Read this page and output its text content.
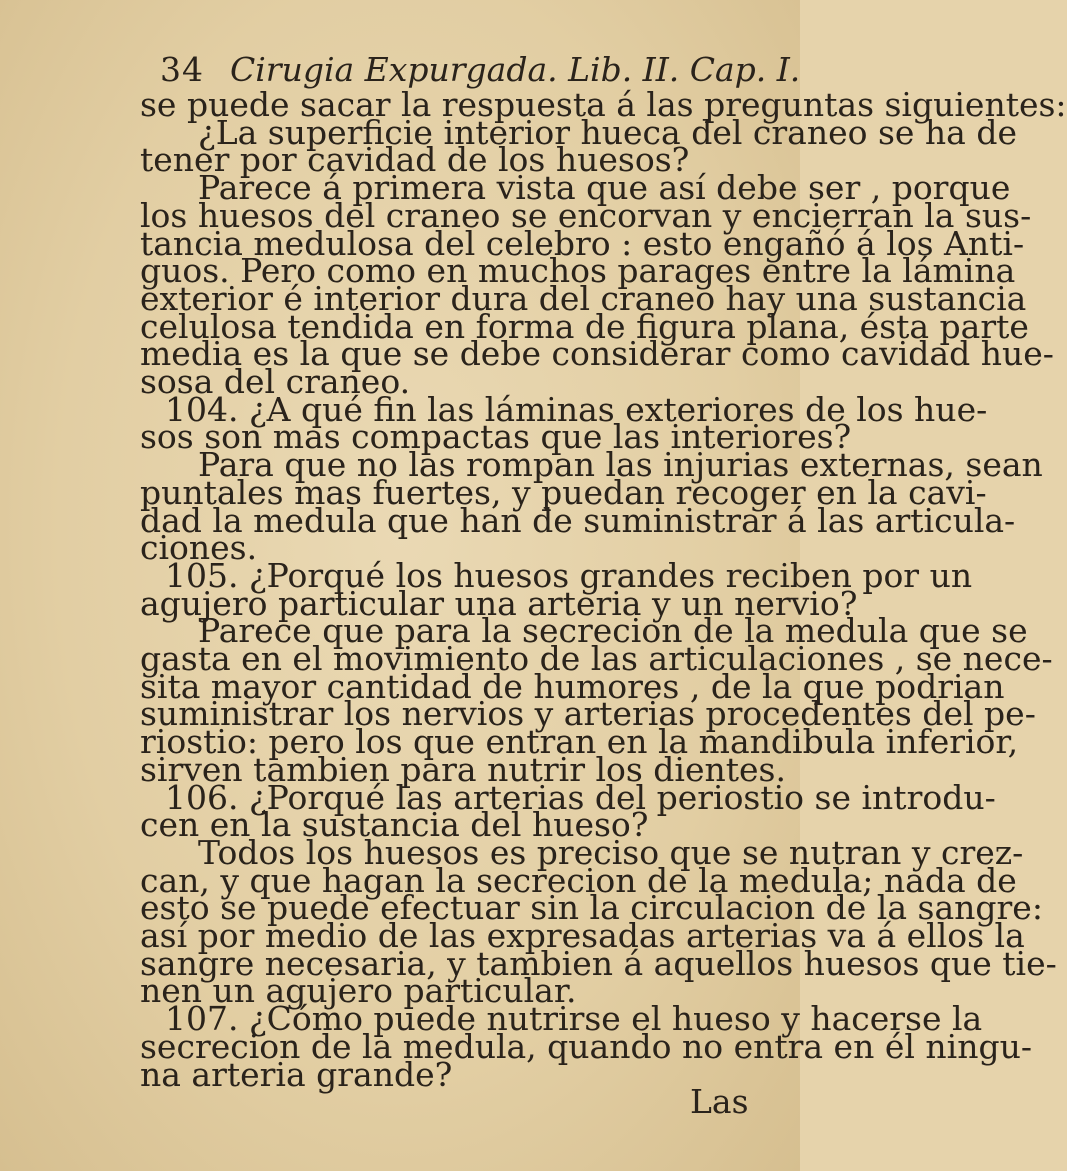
34 Cirugia Expurgada. Lib. II. Cap. I.
se puede sacar la respuesta á las preguntas siguientes:
¿La superficie interior hueca del craneo se ha de
tener por cavidad de los huesos?
Parece á primera vista que así debe ser , porque
los huesos del craneo se encorvan y encierran la sus-
tancia medulosa del celebro : esto engañó á los Anti-
guos. Pero como en muchos parages entre la lámina
exterior é interior dura del craneo hay una sustancia
celulosa tendida en forma de figura plana, ésta parte
media es la que se debe considerar como cavidad hue-
sosa del craneo.
104. ¿A qué fin las láminas exteriores de los hue-
sos son mas compactas que las interiores?
Para que no las rompan las injurias externas, sean
puntales mas fuertes, y puedan recoger en la cavi-
dad la medula que han de suministrar á las articula-
ciones.
105. ¿Porqué los huesos grandes reciben por un
agujero particular una arteria y un nervio?
Parece que para la secrecion de la medula que se
gasta en el movimiento de las articulaciones , se nece-
sita mayor cantidad de humores , de la que podrian
suministrar los nervios y arterias procedentes del pe-
riostio: pero los que entran en la mandibula inferior,
sirven tambien para nutrir los dientes.
106. ¿Porqué las arterias del periostio se introdu-
cen en la sustancia del hueso?
Todos los huesos es preciso que se nutran y crez-
can, y que hagan la secrecion de la medula; nada de
esto se puede efectuar sin la circulacion de la sangre:
así por medio de las expresadas arterias va á ellos la
sangre necesaria, y tambien á aquellos huesos que tie-
nen un agujero particular.
107. ¿Cómo puede nutrirse el hueso y hacerse la
secrecion de la medula, quando no entra en él ningu-
na arteria grande?
Las
